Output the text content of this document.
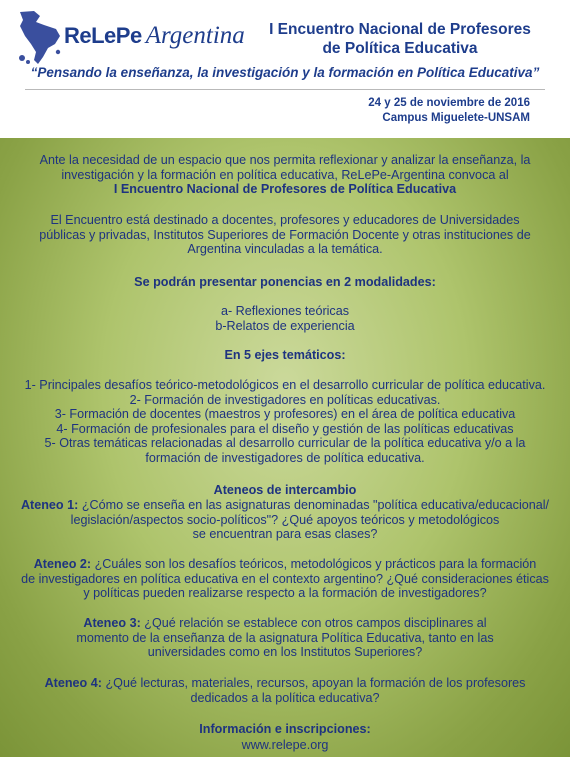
ReLePe Argentina	I Encuentro Nacional de Profesores
de Política Educativa
“Pensando la enseñanza, la investigación y la formación en Política Educativa”
24 y 25 de noviembre de 2016
Campus Miguelete-UNSAM
Ante la necesidad de un espacio que nos permita reflexionar y analizar la enseñanza, la
investigación y la formación en política educativa, ReLePe-Argentina convoca al
I Encuentro Nacional de Profesores de Política Educativa
El Encuentro está destinado a docentes, profesores y educadores de Universidades
públicas y privadas, Institutos Superiores de Formación Docente y otras instituciones de
Argentina vinculadas a la temática.
Se podrán presentar ponencias en 2 modalidades:
a- Reflexiones teóricas
b-Relatos de experiencia
En 5 ejes temáticos:
1- Principales desafíos teórico-metodológicos en el desarrollo curricular de política educativa.
2- Formación de investigadores en políticas educativas.
3- Formación de docentes (maestros y profesores) en el área de política educativa
4- Formación de profesionales para el diseño y gestión de las políticas educativas
5- Otras temáticas relacionadas al desarrollo curricular de la política educativa y/o a la
formación de investigadores de política educativa.
Ateneos de intercambio
Ateneo 1: ¿Cómo se enseña en las asignaturas denominadas "política educativa/educacional/
legislación/aspectos socio-políticos"? ¿Qué apoyos teóricos y metodológicos
se encuentran para esas clases?
Ateneo 2: ¿Cuáles son los desafíos teóricos, metodológicos y prácticos para la formación
de investigadores en política educativa en el contexto argentino? ¿Qué consideraciones éticas
y políticas pueden realizarse respecto a la formación de investigadores?
Ateneo 3: ¿Qué relación se establece con otros campos disciplinares al
momento de la enseñanza de la asignatura Política Educativa, tanto en las
universidades como en los Institutos Superiores?
Ateneo 4: ¿Qué lecturas, materiales, recursos, apoyan la formación de los profesores
dedicados a la política educativa?
Información e inscripciones:
www.relepe.org
